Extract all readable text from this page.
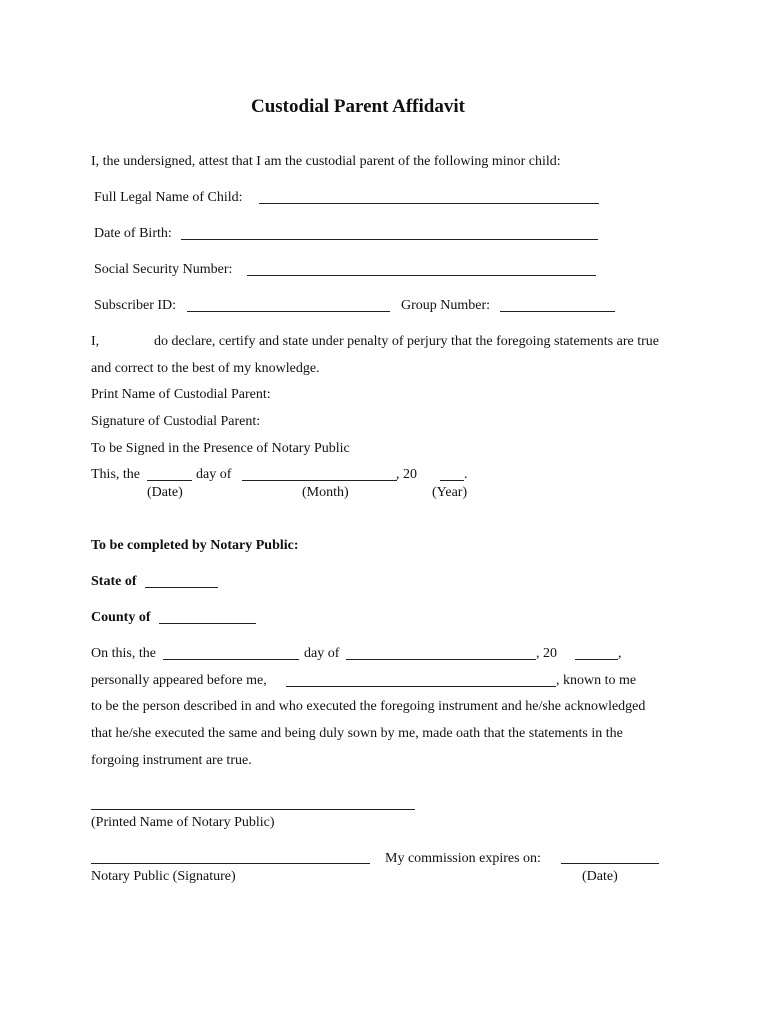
Custodial Parent Affidavit
I, the undersigned, attest that I am the custodial parent of the following minor child:
Full Legal Name of Child:
Date of Birth:
Social Security Number:
Subscriber ID:	Group Number:
I,	do declare, certify and state under penalty of perjury that the foregoing statements are true
and correct to the best of my knowledge.
Print Name of Custodial Parent:
Signature of Custodial Parent:
To be Signed in the Presence of Notary Public
This, the	day of	, 20	.
(Date)	(Month)	(Year)
To be completed by Notary Public:
State of
County of
On this, the	day of	, 20	,
personally appeared before me,	, known to me
to be the person described in and who executed the foregoing instrument and he/she acknowledged
that he/she executed the same and being duly sown by me, made oath that the statements in the
forgoing instrument are true.
(Printed Name of Notary Public)
My commission expires on:
Notary Public (Signature)	(Date)
